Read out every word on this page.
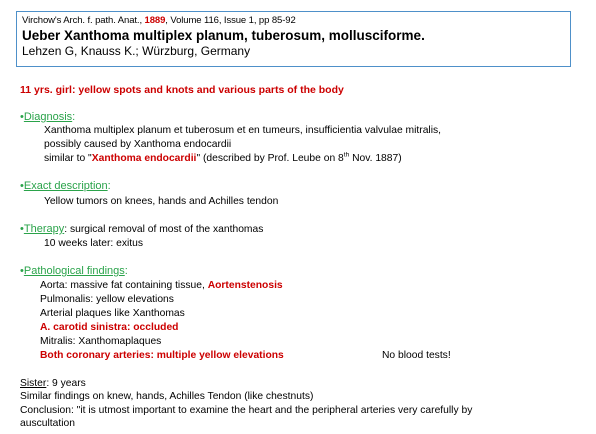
Virchow's Arch. f. path. Anat., 1889, Volume 116, Issue 1, pp 85-92
Ueber Xanthoma multiplex planum, tuberosum, mollusciforme.
Lehzen G, Knauss K.; Würzburg, Germany
11 yrs. girl: yellow spots and knots and various parts of the body
•Diagnosis:
Xanthoma multiplex planum et tuberosum et en tumeurs, insufficientia valvulae mitralis,
possibly caused by Xanthoma endocardii
similar to "Xanthoma endocardii" (described by Prof. Leube on 8th Nov. 1887)
•Exact description:
Yellow tumors on knees, hands and Achilles tendon
•Therapy: surgical removal of most of the xanthomas
10 weeks later: exitus
•Pathological findings:
Aorta: massive fat containing tissue, Aortenstenosis
Pulmonalis: yellow elevations
Arterial plaques like Xanthomas
A. carotid sinistra: occluded
Mitralis: Xanthomaplaques
Both coronary arteries: multiple yellow elevations	No blood tests!
Sister: 9 years
Similar findings on knew, hands, Achilles Tendon (like chestnuts)
Conclusion: "it is utmost important to examine the heart and the peripheral arteries very carefully by
auscultation
